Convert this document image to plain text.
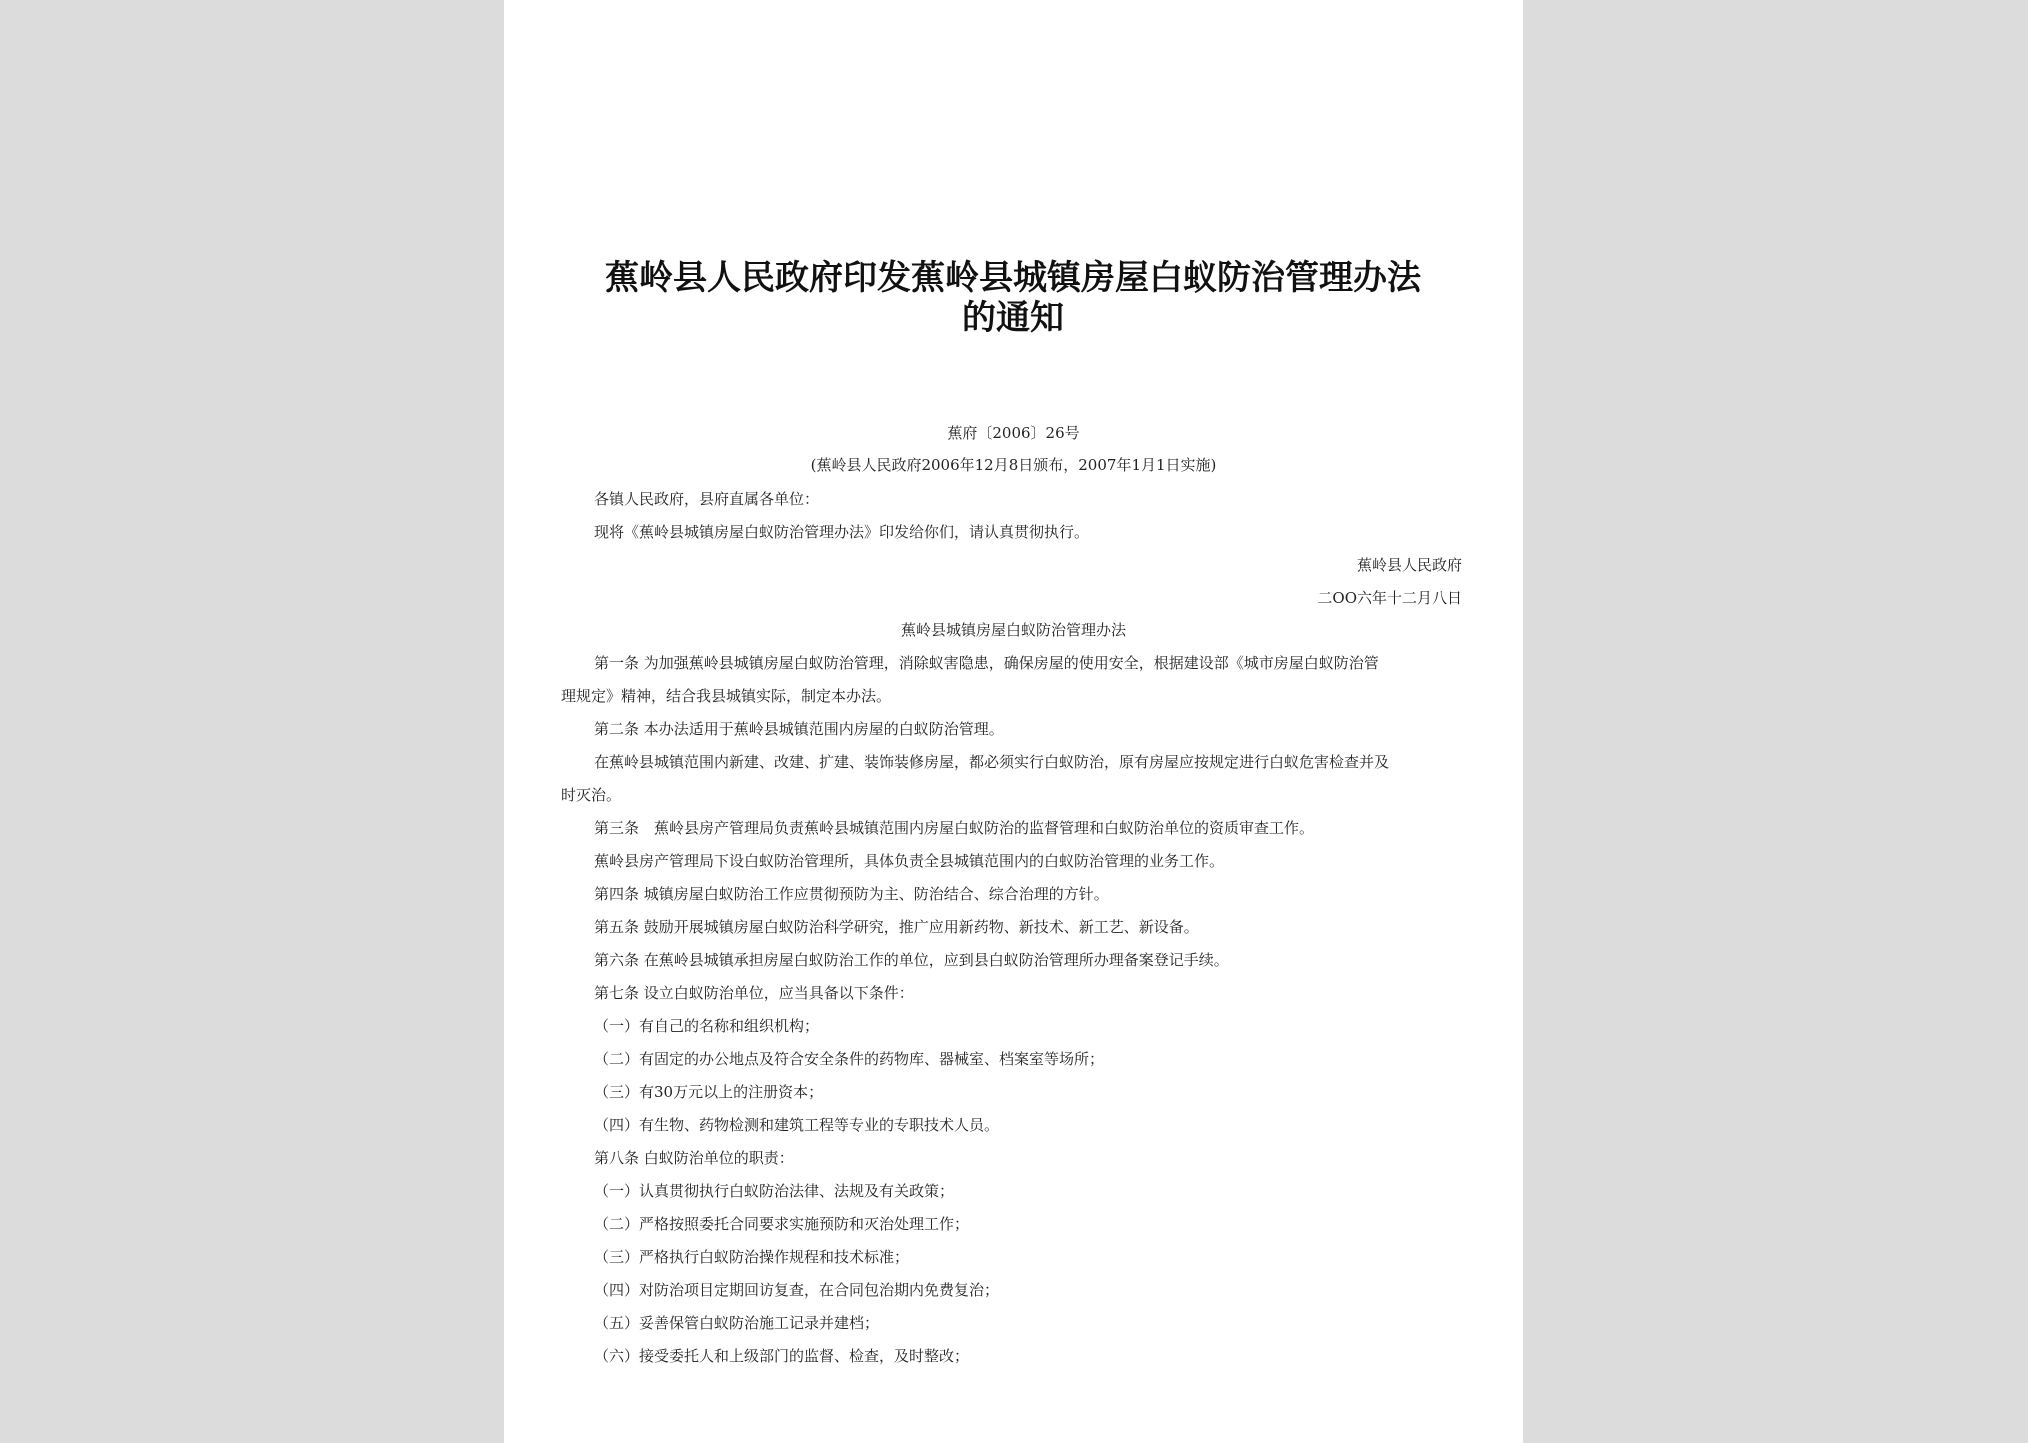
蕉岭县人民政府印发蕉岭县城镇房屋白蚁防治管理办法的通知
蕉府〔2006〕26号
(蕉岭县人民政府2006年12月8日颁布，2007年1月1日实施)
各镇人民政府，县府直属各单位：
现将《蕉岭县城镇房屋白蚁防治管理办法》印发给你们，请认真贯彻执行。
蕉岭县人民政府
二OO六年十二月八日
蕉岭县城镇房屋白蚁防治管理办法
第一条 为加强蕉岭县城镇房屋白蚁防治管理，消除蚁害隐患，确保房屋的使用安全，根据建设部《城市房屋白蚁防治管
理规定》精神，结合我县城镇实际，制定本办法。
第二条 本办法适用于蕉岭县城镇范围内房屋的白蚁防治管理。
在蕉岭县城镇范围内新建、改建、扩建、装饰装修房屋，都必须实行白蚁防治，原有房屋应按规定进行白蚁危害检查并及
时灭治。
第三条　蕉岭县房产管理局负责蕉岭县城镇范围内房屋白蚁防治的监督管理和白蚁防治单位的资质审查工作。
蕉岭县房产管理局下设白蚁防治管理所，具体负责全县城镇范围内的白蚁防治管理的业务工作。
第四条 城镇房屋白蚁防治工作应贯彻预防为主、防治结合、综合治理的方针。
第五条 鼓励开展城镇房屋白蚁防治科学研究，推广应用新药物、新技术、新工艺、新设备。
第六条 在蕉岭县城镇承担房屋白蚁防治工作的单位，应到县白蚁防治管理所办理备案登记手续。
第七条 设立白蚁防治单位，应当具备以下条件：
（一）有自己的名称和组织机构；
（二）有固定的办公地点及符合安全条件的药物库、器械室、档案室等场所；
（三）有30万元以上的注册资本；
（四）有生物、药物检测和建筑工程等专业的专职技术人员。
第八条 白蚁防治单位的职责：
（一）认真贯彻执行白蚁防治法律、法规及有关政策；
（二）严格按照委托合同要求实施预防和灭治处理工作；
（三）严格执行白蚁防治操作规程和技术标准；
（四）对防治项目定期回访复查，在合同包治期内免费复治；
（五）妥善保管白蚁防治施工记录并建档；
（六）接受委托人和上级部门的监督、检查，及时整改；
